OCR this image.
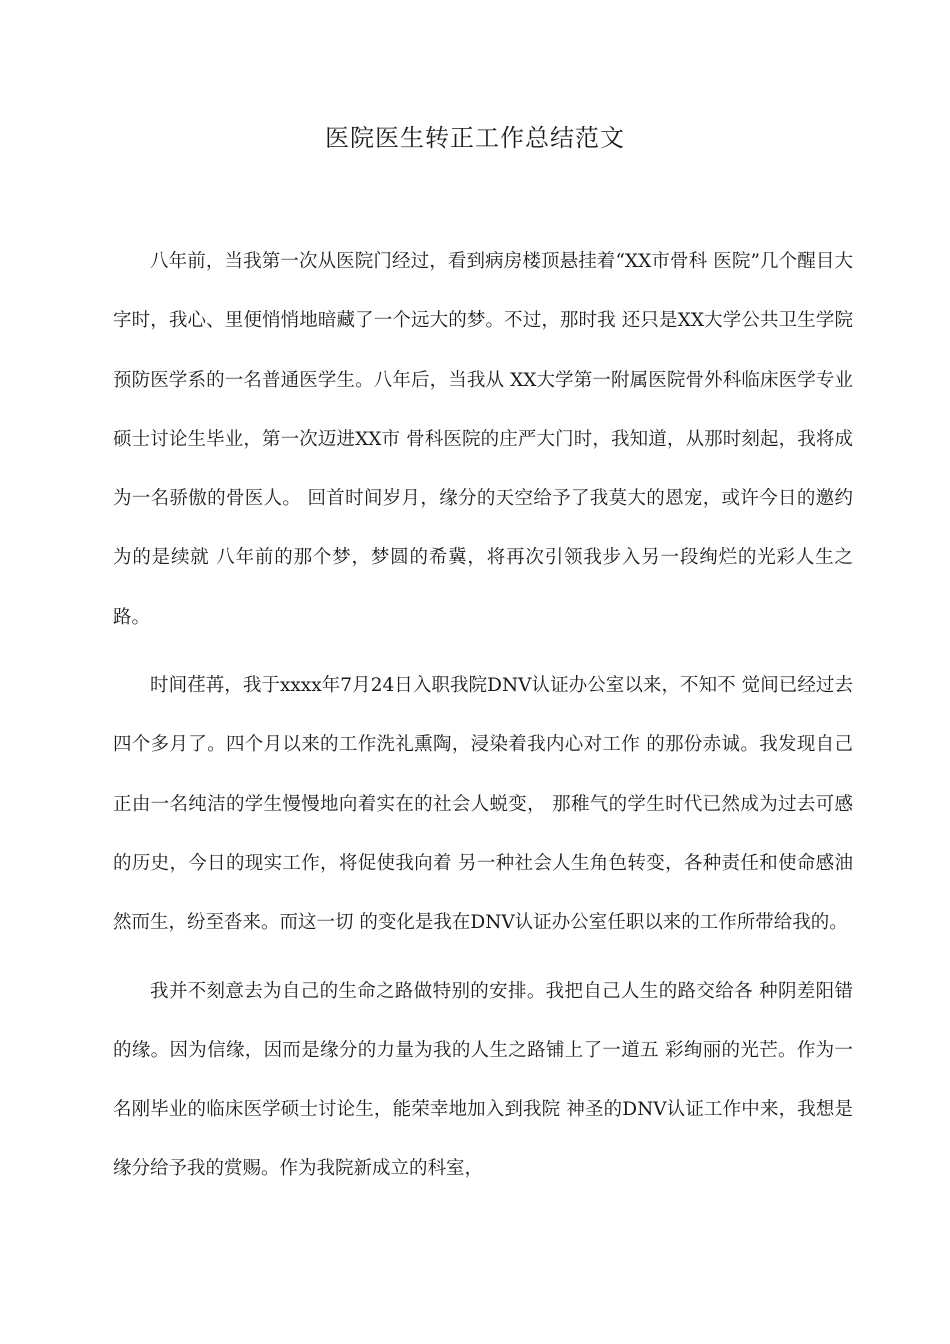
医院医生转正工作总结范文

八年前，当我第一次从医院门经过，看到病房楼顶悬挂着“XX市骨科 医院”几个醒目大字时，我心、里便悄悄地暗藏了一个远大的梦。不过，那时我 还只是XX大学公共卫生学院预防医学系的一名普通医学生。八年后，当我从 XX大学第一附属医院骨外科临床医学专业硕士讨论生毕业，第一次迈进XX市 骨科医院的庄严大门时，我知道，从那时刻起，我将成为一名骄傲的骨医人。 回首时间岁月，缘分的天空给予了我莫大的恩宠，或许今日的邀约为的是续就 八年前的那个梦，梦圆的希冀，将再次引领我步入另一段绚烂的光彩人生之路。

时间荏苒，我于xxxx年7月24日入职我院DNV认证办公室以来，不知不 觉间已经过去四个多月了。四个月以来的工作洗礼熏陶，浸染着我内心对工作 的那份赤诚。我发现自己正由一名纯洁的学生慢慢地向着实在的社会人蜕变， 那稚气的学生时代已然成为过去可感的历史，今日的现实工作，将促使我向着 另一种社会人生角色转变，各种责任和使命感油然而生，纷至沓来。而这一切 的变化是我在DNV认证办公室任职以来的工作所带给我的。

我并不刻意去为自己的生命之路做特别的安排。我把自己人生的路交给各 种阴差阳错的缘。因为信缘，因而是缘分的力量为我的人生之路铺上了一道五 彩绚丽的光芒。作为一名刚毕业的临床医学硕士讨论生，能荣幸地加入到我院 神圣的DNV认证工作中来，我想是缘分给予我的赏赐。作为我院新成立的科室，
